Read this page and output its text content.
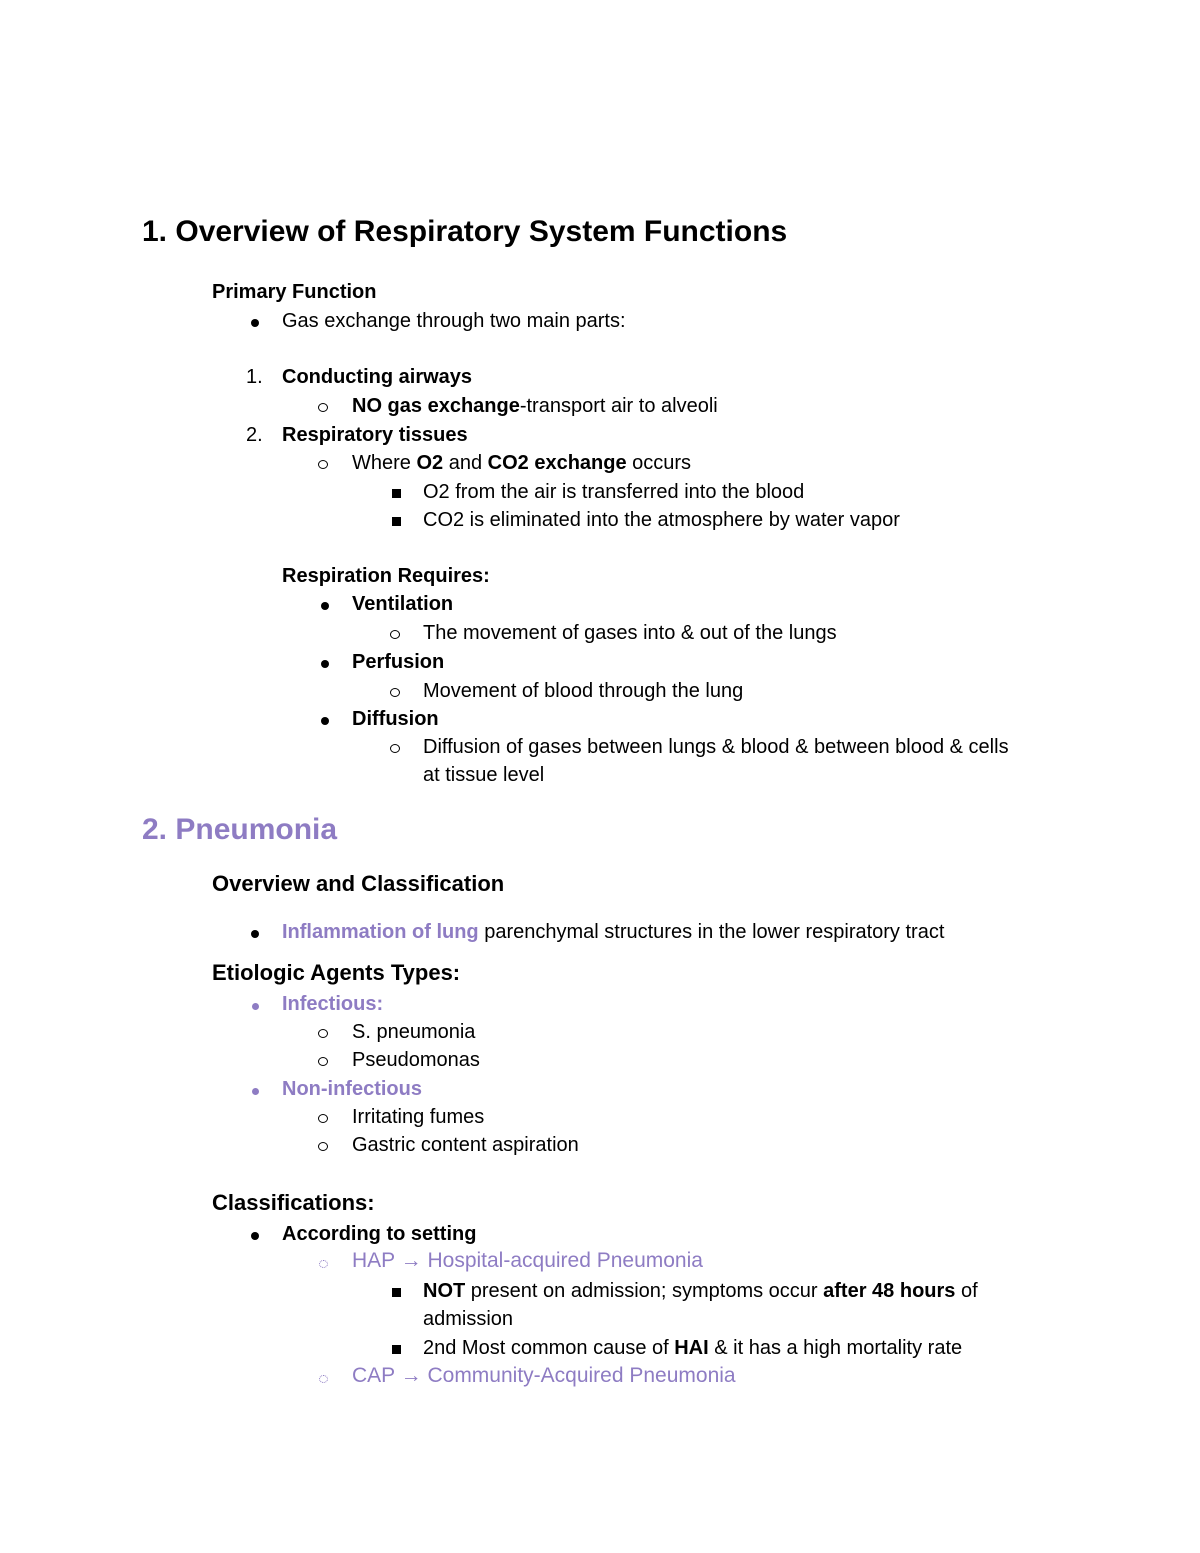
1. Overview of Respiratory System Functions
Primary Function
Gas exchange through two main parts:
1. Conducting airways
NO gas exchange-transport air to alveoli
2. Respiratory tissues
Where O2 and CO2 exchange occurs
O2 from the air is transferred into the blood
CO2 is eliminated into the atmosphere by water vapor
Respiration Requires:
Ventilation
The movement of gases into & out of the lungs
Perfusion
Movement of blood through the lung
Diffusion
Diffusion of gases between lungs & blood & between blood & cells
at tissue level
2. Pneumonia
Overview and Classification
Inflammation of lung parenchymal structures in the lower respiratory tract
Etiologic Agents Types:
Infectious:
S. pneumonia
Pseudomonas
Non-infectious
Irritating fumes
Gastric content aspiration
Classifications:
According to setting
HAP → Hospital-acquired Pneumonia
NOT present on admission; symptoms occur after 48 hours of
admission
2nd Most common cause of HAI & it has a high mortality rate
CAP → Community-Acquired Pneumonia
